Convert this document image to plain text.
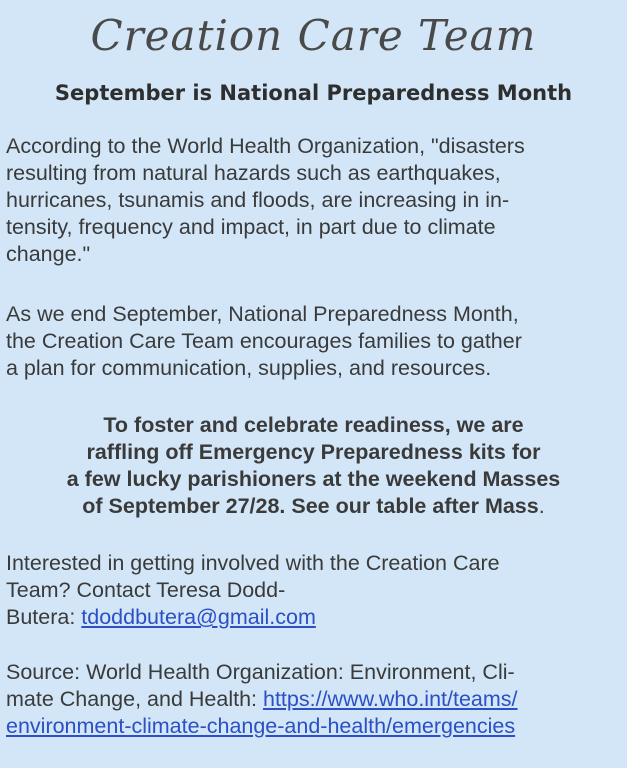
Creation Care Team
September is National Preparedness Month

According to the World Health Organization, "disasters
resulting from natural hazards such as earthquakes,
hurricanes, tsunamis and floods, are increasing in in-
tensity, frequency and impact, in part due to climate
change."

As we end September, National Preparedness Month,
the Creation Care Team encourages families to gather
a plan for communication, supplies, and resources.

To foster and celebrate readiness, we are
raffling off Emergency Preparedness kits for
a few lucky parishioners at the weekend Masses
of September 27/28. See our table after Mass.

Interested in getting involved with the Creation Care
Team? Contact Teresa Dodd-
Butera: tdoddbutera@gmail.com

Source: World Health Organization: Environment, Cli-
mate Change, and Health: https://www.who.int/teams/
environment-climate-change-and-health/emergencies
